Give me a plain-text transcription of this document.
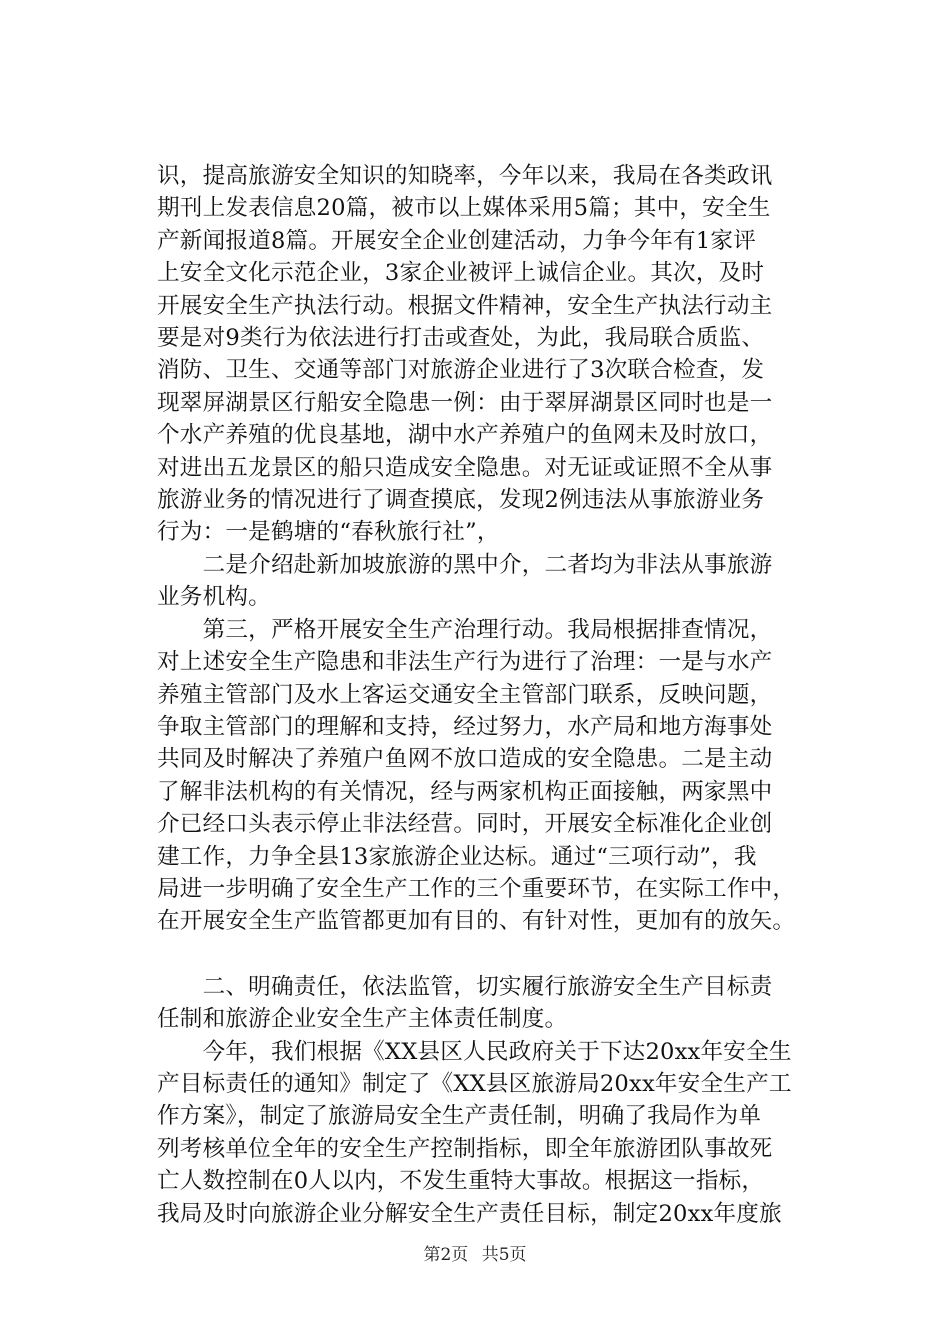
识，提高旅游安全知识的知晓率，今年以来，我局在各类政讯

期刊上发表信息20篇，被市以上媒体采用5篇；其中，安全生

产新闻报道8篇。开展安全企业创建活动，力争今年有1家评

上安全文化示范企业，3家企业被评上诚信企业。其次，及时

开展安全生产执法行动。根据文件精神，安全生产执法行动主

要是对9类行为依法进行打击或查处，为此，我局联合质监、

消防、卫生、交通等部门对旅游企业进行了3次联合检查，发

现翠屏湖景区行船安全隐患一例：由于翠屏湖景区同时也是一

个水产养殖的优良基地，湖中水产养殖户的鱼网未及时放口，

对进出五龙景区的船只造成安全隐患。对无证或证照不全从事

旅游业务的情况进行了调查摸底，发现2例违法从事旅游业务

行为：一是鹤塘的“春秋旅行社”，

　　二是介绍赴新加坡旅游的黑中介，二者均为非法从事旅游

业务机构。

　　第三，严格开展安全生产治理行动。我局根据排查情况，

对上述安全生产隐患和非法生产行为进行了治理：一是与水产

养殖主管部门及水上客运交通安全主管部门联系，反映问题，

争取主管部门的理解和支持，经过努力，水产局和地方海事处

共同及时解决了养殖户鱼网不放口造成的安全隐患。二是主动

了解非法机构的有关情况，经与两家机构正面接触，两家黑中

介已经口头表示停止非法经营。同时，开展安全标准化企业创

建工作，力争全县13家旅游企业达标。通过“三项行动”，我

局进一步明确了安全生产工作的三个重要环节，在实际工作中，

在开展安全生产监管都更加有目的、有针对性，更加有的放矢。

　　二、明确责任，依法监管，切实履行旅游安全生产目标责

任制和旅游企业安全生产主体责任制度。

　　今年，我们根据《XX县区人民政府关于下达20xx年安全生

产目标责任的通知》制定了《XX县区旅游局20xx年安全生产工

作方案》，制定了旅游局安全生产责任制，明确了我局作为单

列考核单位全年的安全生产控制指标，即全年旅游团队事故死

亡人数控制在0人以内，不发生重特大事故。根据这一指标，

我局及时向旅游企业分解安全生产责任目标，制定20xx年度旅

第2页 共5页
